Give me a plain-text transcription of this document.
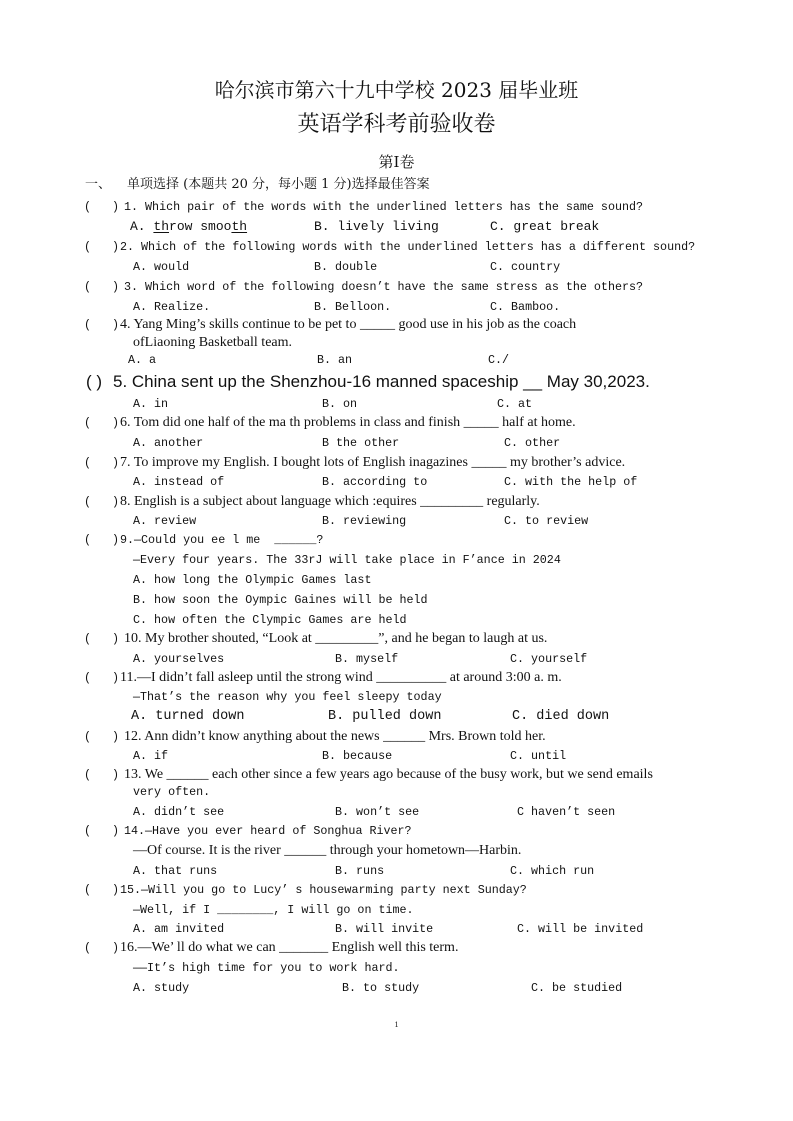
哈尔滨市第六十九中学校 2023 届毕业班
英语学科考前验收卷
第Ⅰ卷
一、 单项选择 (本题共 20 分，每小题 1 分)选择最佳答案
(   ) 1. Which pair of the words with the underlined letters has the same sound?
A. throw smooth	B. lively living	C. great break
(   ) 2. Which of the following words with the underlined letters has a different sound?
A. would	B. double	C. country
(   ) 3. Which word of the following doesn’t have the same stress as the others?
A. Realize.	B. Belloon.	C. Bamboo.
(   ) 4. Yang Ming’s skills continue to be pet to _____ good use in his job as the coach
ofLiaoning Basketball team.
A. a	B. an	C./
( ) 5. China sent up the Shenzhou-16 manned spaceship __ May 30,2023.
A. in	B. on	C. at
(   ) 6. Tom did one half of the ma th problems in class and finish _____ half at home.
A. another	B the other	C. other
(   ) 7. To improve my English. I bought lots of English inagazines _____ my brother’s advice.
A. instead of	B. according to	C. with the help of
(   ) 8. English is a subject about language which :equires _________ regularly.
A. review	B. reviewing	C. to review
(   ) 9.—Could you ee l me  ______?
—Every four years. The 33rJ will take place in F’ance in 2024
A. how long the Olympic Games last
B. how soon the Oympic Gaines will be held
C. how often the Clympic Games are held
(   ) 10. My brother shouted, “Look at _________”, and he began to laugh at us.
A. yourselves	B. myself	C. yourself
(   ) 11.—I didn’t fall asleep until the strong wind __________ at around 3:00 a. m.
—That’s the reason why you feel sleepy today
A. turned down	B. pulled down	C. died down
(   ) 12. Ann didn’t know anything about the news ______ Mrs. Brown told her.
A. if	B. because	C. until
(   ) 13. We ______ each other since a few years ago because of the busy work, but we send emails
very often.
A. didn’t see	B. won’t see	C haven’t seen
(   ) 14.—Have you ever heard of Songhua River?
—Of course. It is the river ______ through your hometown—Harbin.
A. that runs	B. runs	C. which run
(   ) 15.—Will you go to Lucy’ s housewarming party next Sunday?
—Well, if I ________, I will go on time.
A. am invited	B. will invite	C. will be invited
(   ) 16.—We’ ll do what we can _______ English well this term.
——It’s high time for you to work hard.
A. study	B. to study	C. be studied
1
